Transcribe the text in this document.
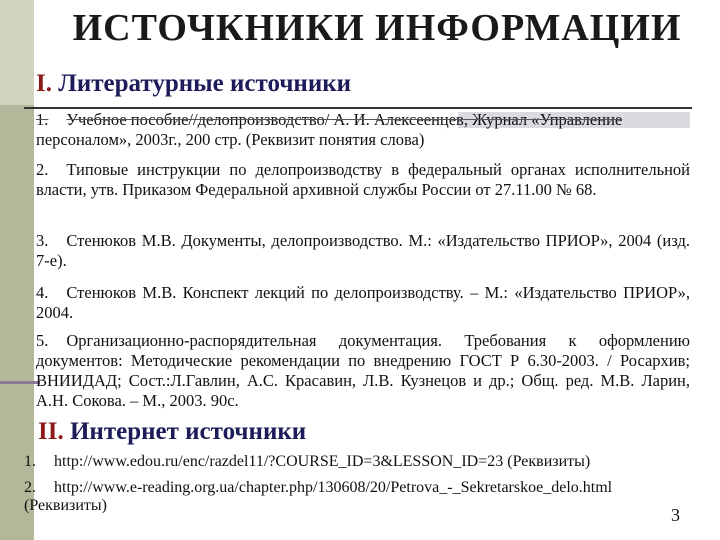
ИСТОЧКНИКИ ИНФОРМАЦИИ
I. Литературные источники
1. Учебное пособие//делопроизводство/ А. И. Алексеенцев, Журнал «Управление
персоналом», 2003г., 200 стр. (Реквизит понятия слова)
2. Типовые инструкции по делопроизводству в федеральный органах исполнительной власти, утв. Приказом Федеральной архивной службы России от 27.11.00 № 68.
3. Стенюков М.В. Документы, делопроизводство. М.: «Издательство ПРИОР», 2004 (изд. 7-е).
4. Стенюков М.В. Конспект лекций по делопроизводству. – М.: «Издательство ПРИОР», 2004.
5. Организационно-распорядительная документация. Требования к оформлению документов: Методические рекомендации по внедрению ГОСТ Р 6.30-2003. / Росархив; ВНИИДАД; Сост.:Л.Гавлин, А.С. Красавин, Л.В. Кузнецов и др.; Общ. ред. М.В. Ларин, А.Н. Сокова. – М., 2003. 90с.
II. Интернет источники
1. http://www.edou.ru/enc/razdel11/?COURSE_ID=3&LESSON_ID=23 (Реквизиты)
2. http://www.e-reading.org.ua/chapter.php/130608/20/Petrova_-_Sekretarskoe_delo.html
(Реквизиты)	3
